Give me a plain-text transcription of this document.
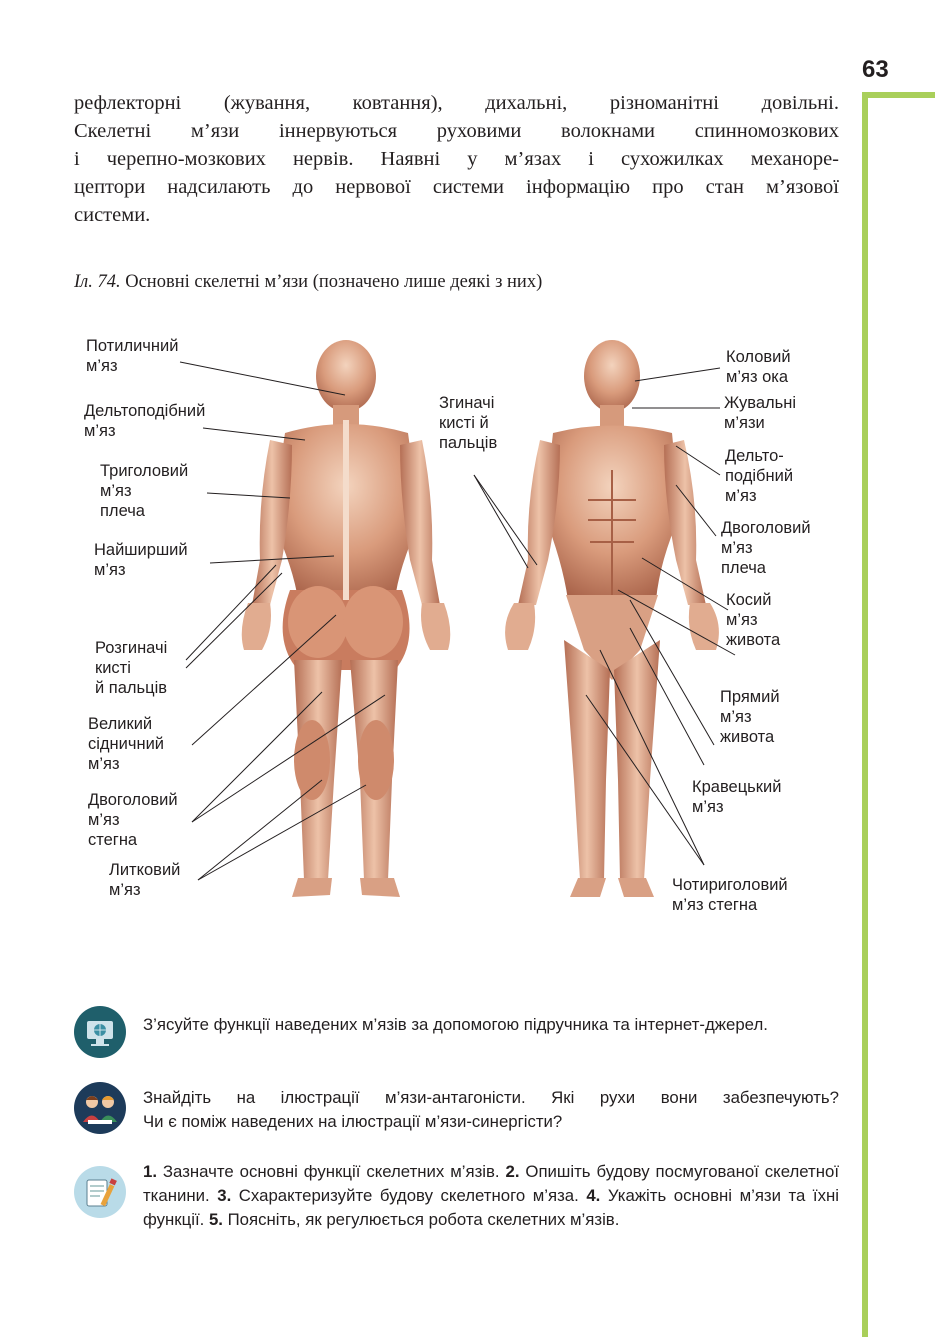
63
рефлекторні (жування, ковтання), дихальні, різноманітні довільні.
Скелетні м’язи іннервуються руховими волокнами спинномозкових
і черепно-мозкових нервів. Наявні у м’язах і сухожилках механоре-
цептори надсилають до нервової системи інформацію про стан м’язової
системи.
Іл. 74. Основні скелетні м’язи (позначено лише деякі з них)
Потиличний
м’яз
Дельтоподібний
м’яз
Триголовий
м’яз
плеча
Найширший
м’яз
Розгиначі
кисті
й пальців
Великий
сідничний
м’яз
Двоголовий
м’яз
стегна
Литковий
м’яз
Згиначі
кисті й
пальців
Коловий
м’яз ока
Жувальні
м’язи
Дельто-
подібний
м’яз
Двоголовий
м’яз
плеча
Косий
м’яз
живота
Прямий
м’яз
живота
Кравецький
м’яз
Чотириголовий
м’яз стегна
З’ясуйте функції наведених м’язів за допомогою підручника та інтернет-джерел.
Знайдіть на ілюстрації м’язи-антагоністи. Які рухи вони забезпечують?
Чи є поміж наведених на ілюстрації м’язи-синергісти?
1. Зазначте основні функції скелетних м’язів. 2. Опишіть будову посмугованої скелетної тканини. 3. Схарактеризуйте будову скелетного м’яза. 4. Укажіть основні м’язи та їхні функції. 5. Поясніть, як регулюється робота скелетних м’язів.
